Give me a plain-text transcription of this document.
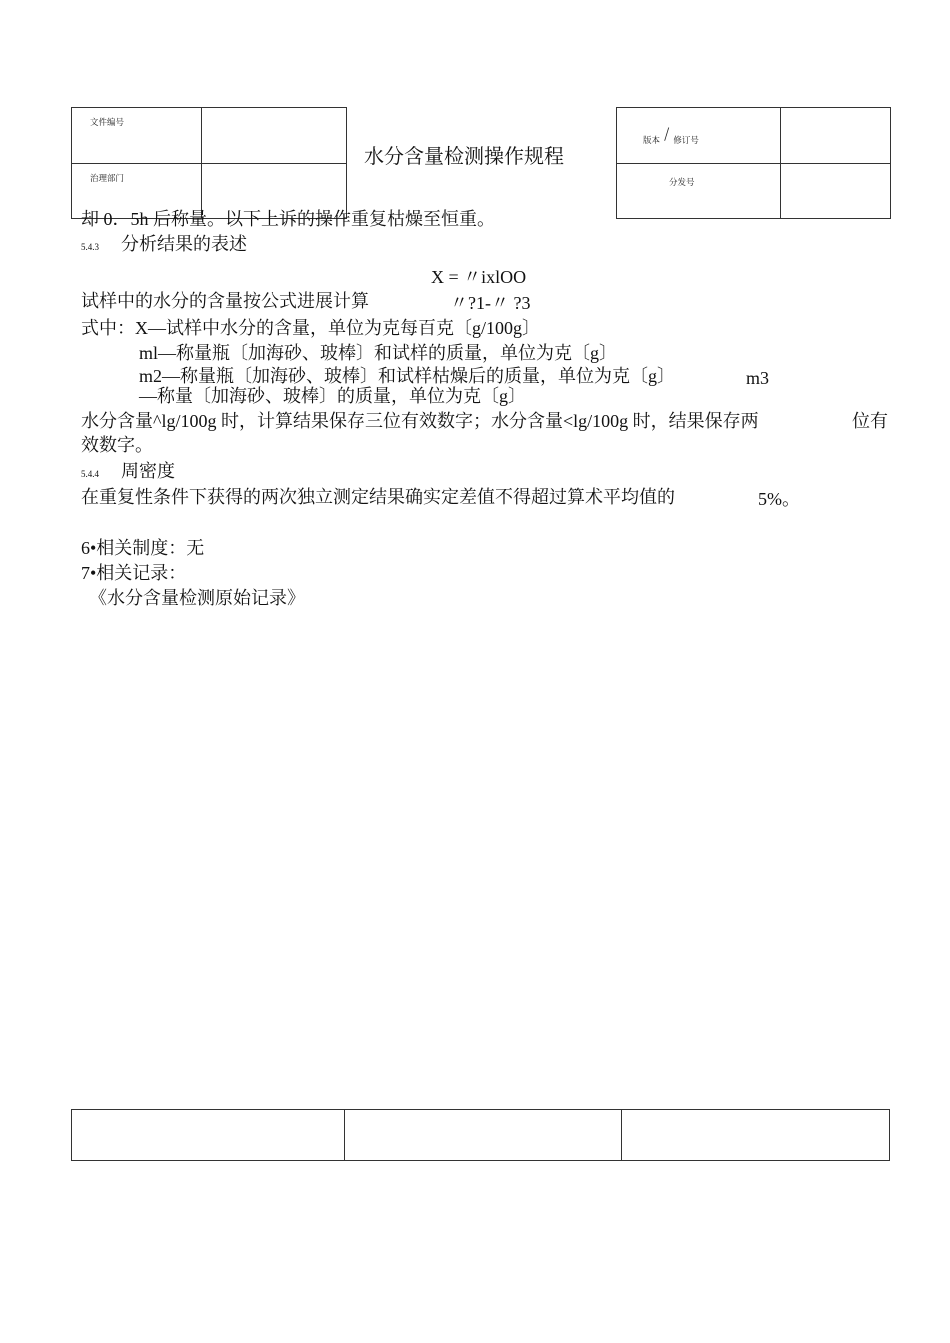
文件编号	

治理部门	

水分含量检测操作规程
版本 / 修订号	

分发号	

却 0．5h 后称量。以下上诉的操作重复枯燥至恒重。
5.4.3 分析结果的表述
X = 〃ixlOO
试样中的水分的含量按公式进展计算	〃?1-〃 ?3
式中：X—试样中水分的含量，单位为克每百克〔g/100g〕
ml—称量瓶〔加海砂、玻棒〕和试样的质量，单位为克〔g〕
m2—称量瓶〔加海砂、玻棒〕和试样枯燥后的质量，单位为克〔g〕	m3
—称量〔加海砂、玻棒〕的质量，单位为克〔g〕
水分含量^lg/100g 时，计算结果保存三位有效数字；水分含量<lg/100g 时，结果保存两	位有
效数字。
5.4.4 周密度
在重复性条件下获得的两次独立测定结果确实定差值不得超过算术平均值的	5%。
6•相关制度：无
7•相关记录：
《水分含量检测原始记录》
